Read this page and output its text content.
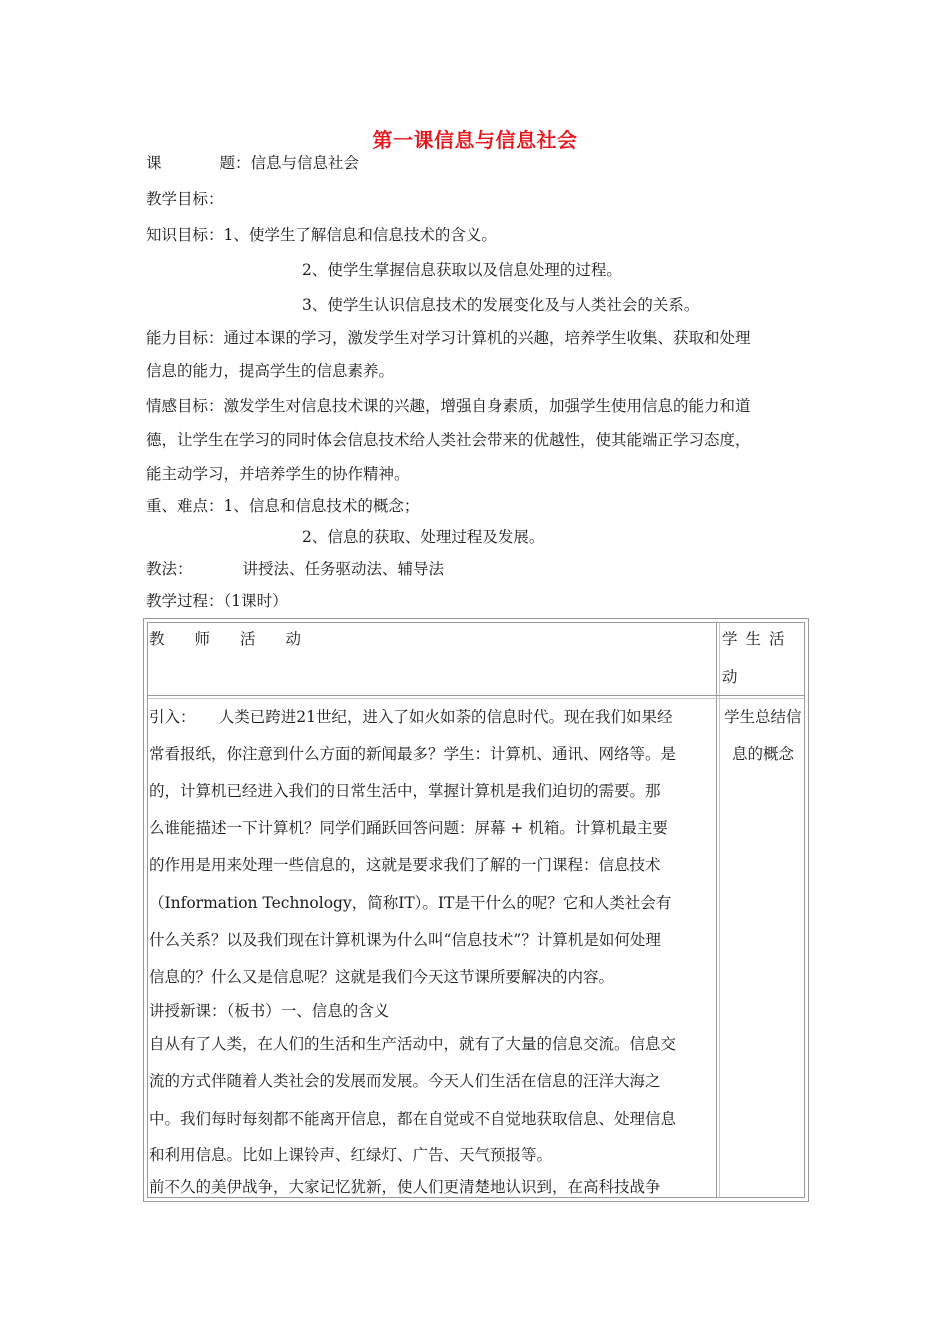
第一课信息与信息社会
课	题：信息与信息社会
教学目标：
知识目标：1、使学生了解信息和信息技术的含义。
2、使学生掌握信息获取以及信息处理的过程。
3、使学生认识信息技术的发展变化及与人类社会的关系。
能力目标：通过本课的学习，激发学生对学习计算机的兴趣，培养学生收集、获取和处理
信息的能力，提高学生的信息素养。
情感目标：激发学生对信息技术课的兴趣，增强自身素质，加强学生使用信息的能力和道
德，让学生在学习的同时体会信息技术给人类社会带来的优越性，使其能端正学习态度，
能主动学习，并培养学生的协作精神。
重、难点：1、信息和信息技术的概念；
2、信息的获取、处理过程及发展。
教法：	讲授法、任务驱动法、辅导法
教学过程：（1课时）
教 师 活 动	学生活
动
引入：　　人类已跨进21世纪，进入了如火如荼的信息时代。现在我们如果经
常看报纸，你注意到什么方面的新闻最多？学生：计算机、通讯、网络等。是
的，计算机已经进入我们的日常生活中，掌握计算机是我们迫切的需要。那
么谁能描述一下计算机？同学们踊跃回答问题：屏幕 + 机箱。计算机最主要
的作用是用来处理一些信息的，这就是要求我们了解的一门课程：信息技术
（Information Technology，简称IT）。IT是干什么的呢？它和人类社会有
什么关系？以及我们现在计算机课为什么叫“信息技术”？计算机是如何处理
信息的？什么又是信息呢？这就是我们今天这节课所要解决的内容。
讲授新课：（板书）一、信息的含义
自从有了人类，在人们的生活和生产活动中，就有了大量的信息交流。信息交
流的方式伴随着人类社会的发展而发展。今天人们生活在信息的汪洋大海之
中。我们每时每刻都不能离开信息，都在自觉或不自觉地获取信息、处理信息
和利用信息。比如上课铃声、红绿灯、广告、天气预报等。
前不久的美伊战争，大家记忆犹新，使人们更清楚地认识到，在高科技战争
学生总结信
息的概念
